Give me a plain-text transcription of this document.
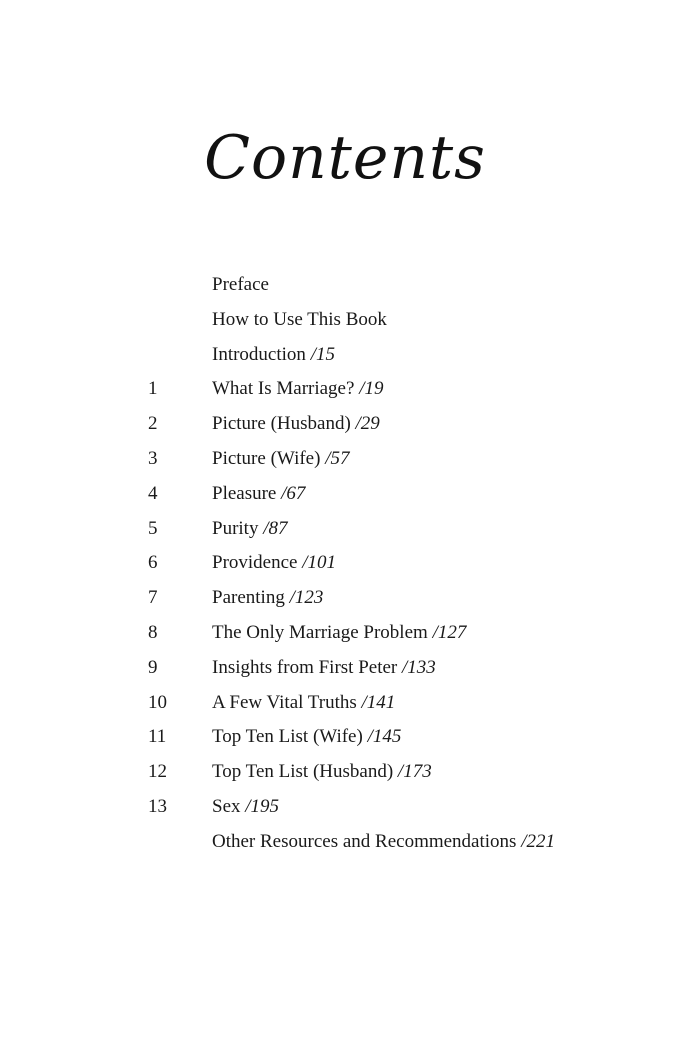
Contents
Preface
How to Use This Book
Introduction /15
1	What Is Marriage? /19
2	Picture (Husband) /29
3	Picture (Wife) /57
4	Pleasure /67
5	Purity /87
6	Providence /101
7	Parenting /123
8	The Only Marriage Problem /127
9	Insights from First Peter /133
10	A Few Vital Truths /141
11	Top Ten List (Wife) /145
12	Top Ten List (Husband) /173
13	Sex /195
Other Resources and Recommendations /221
